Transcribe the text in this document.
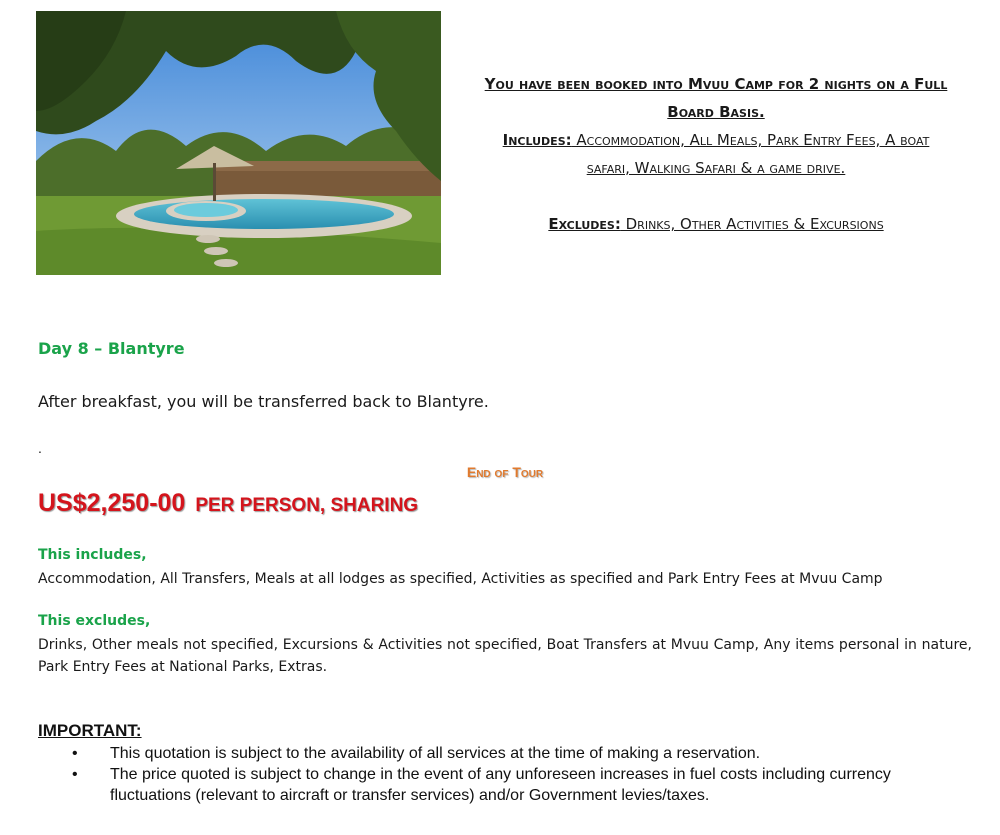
You have been booked into Mvuu Camp for 2 nights on a Full
Board Basis.
Includes: Accommodation, All Meals, Park Entry Fees, A boat
safari, Walking Safari & a game drive.
Excludes: Drinks, Other Activities & Excursions
Day 8 – Blantyre
After breakfast, you will be transferred back to Blantyre.
.
End of Tour
US$2,250-00 PER PERSON, SHARING
This includes,
Accommodation, All Transfers, Meals at all lodges as specified, Activities as specified and Park Entry Fees at Mvuu Camp
This excludes,
Drinks, Other meals not specified, Excursions & Activities not specified, Boat Transfers at Mvuu Camp, Any items personal in nature, Park Entry Fees at National Parks, Extras.
IMPORTANT:
• This quotation is subject to the availability of all services at the time of making a reservation.
• The price quoted is subject to change in the event of any unforeseen increases in fuel costs including currency fluctuations (relevant to aircraft or transfer services) and/or Government levies/taxes.
